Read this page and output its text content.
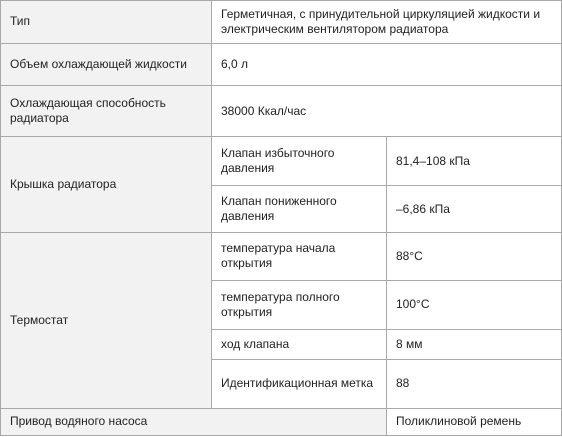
Тип	Герметичная, с принудительной циркуляцией жидкости и электрическим вентилятором радиатора	
Объем охлаждающей жидкости	6,0 л	
Охлаждающая способность радиатора	38000 Ккал/час	
Крышка радиатора	Клапан избыточного давления	81,4–108 кПа
	Клапан пониженного давления	–6,86 кПа
Термостат	температура начала открытия	88°C
	температура полного открытия	100°C
	ход клапана	8 мм
	Идентификационная метка	88
Привод водяного насоса		Поликлиновой ремень
